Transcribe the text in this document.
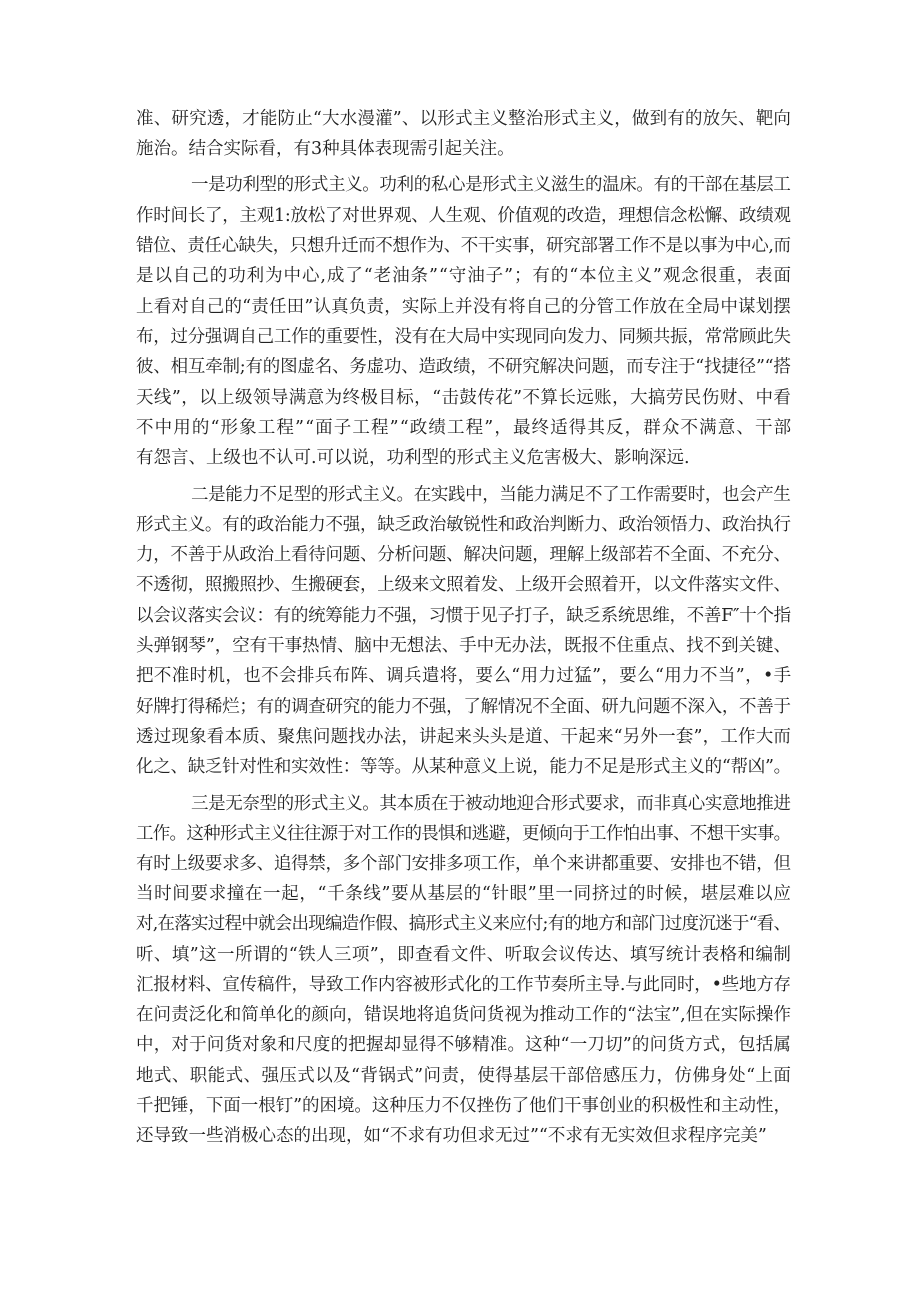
准、研究透，才能防止“大水漫灌”、以形式主义整治形式主义，做到有的放矢、靶向
施治。结合实际看，有3种具体表现需引起关注。
一是功利型的形式主义。功利的私心是形式主义滋生的温床。有的干部在基层工
作时间长了，主观1:放松了对世界观、人生观、价值观的改造，理想信念松懈、政绩观
错位、责任心缺失，只想升迁而不想作为、不干实事，研究部署工作不是以事为中心,而
是以自己的功利为中心,成了“老油条”“守油子”；有的“本位主义”观念很重，表面
上看对自己的“责任田”认真负责，实际上并没有将自己的分管工作放在全局中谋划摆
布，过分强调自己工作的重要性，没有在大局中实现同向发力、同频共振，常常顾此失
彼、相互牵制;有的图虚名、务虚功、造政绩，不研究解决问题，而专注于“找捷径”“搭
天线”，以上级领导满意为终极目标，“击鼓传花”不算长远账，大搞劳民伤财、中看
不中用的“形象工程”“面子工程”“政绩工程”，最终适得其反，群众不满意、干部
有怨言、上级也不认可.可以说，功利型的形式主义危害极大、影响深远.
二是能力不足型的形式主义。在实践中，当能力满足不了工作需要时，也会产生
形式主义。有的政治能力不强，缺乏政治敏锐性和政治判断力、政治领悟力、政治执行
力，不善于从政治上看待问题、分析问题、解决问题，理解上级部若不全面、不充分、
不透彻，照搬照抄、生搬硬套，上级来文照着发、上级开会照着开，以文件落实文件、
以会议落实会议：有的统筹能力不强，习惯于见子打子，缺乏系统思维，不善F″十个指
头弹钢琴”，空有干事热情、脑中无想法、手中无办法，既报不住重点、找不到关键、
把不准时机，也不会排兵布阵、调兵遣将，要么“用力过猛”，要么“用力不当”，•手
好牌打得稀烂；有的调查研究的能力不强，了解情况不全面、研九问题不深入，不善于
透过现象看本质、聚焦问题找办法，讲起来头头是道、干起来“另外一套”，工作大而
化之、缺乏针对性和实效性：等等。从某种意义上说，能力不足是形式主义的“帮凶”。
三是无奈型的形式主义。其本质在于被动地迎合形式要求，而非真心实意地推进
工作。这种形式主义往往源于对工作的畏惧和逃避，更倾向于工作怕出事、不想干实事。
有时上级要求多、追得禁，多个部门安排多项工作，单个来讲都重要、安排也不错，但
当时间要求撞在一起，“千条线”要从基层的“针眼”里一同挤过的时候，堪层难以应
对,在落实过程中就会出现编造作假、搞形式主义来应付;有的地方和部门过度沉迷于“看、
听、填”这一所谓的“铁人三项”，即查看文件、听取会议传达、填写统计表格和编制
汇报材料、宣传稿件，导致工作内容被形式化的工作节奏所主导.与此同时，•些地方存
在问责泛化和简单化的颜向，错误地将追货问货视为推动工作的“法宝”,但在实际操作
中，对于问货对象和尺度的把握却显得不够精准。这种“一刀切”的问货方式，包括属
地式、职能式、强压式以及“背锅式”问责，使得基层干部倍感压力，仿佛身处“上面
千把锤，下面一根钉”的困境。这种压力不仅挫伤了他们干事创业的积极性和主动性，
还导致一些消极心态的出现，如“不求有功但求无过”“不求有无实效但求程序完美”
